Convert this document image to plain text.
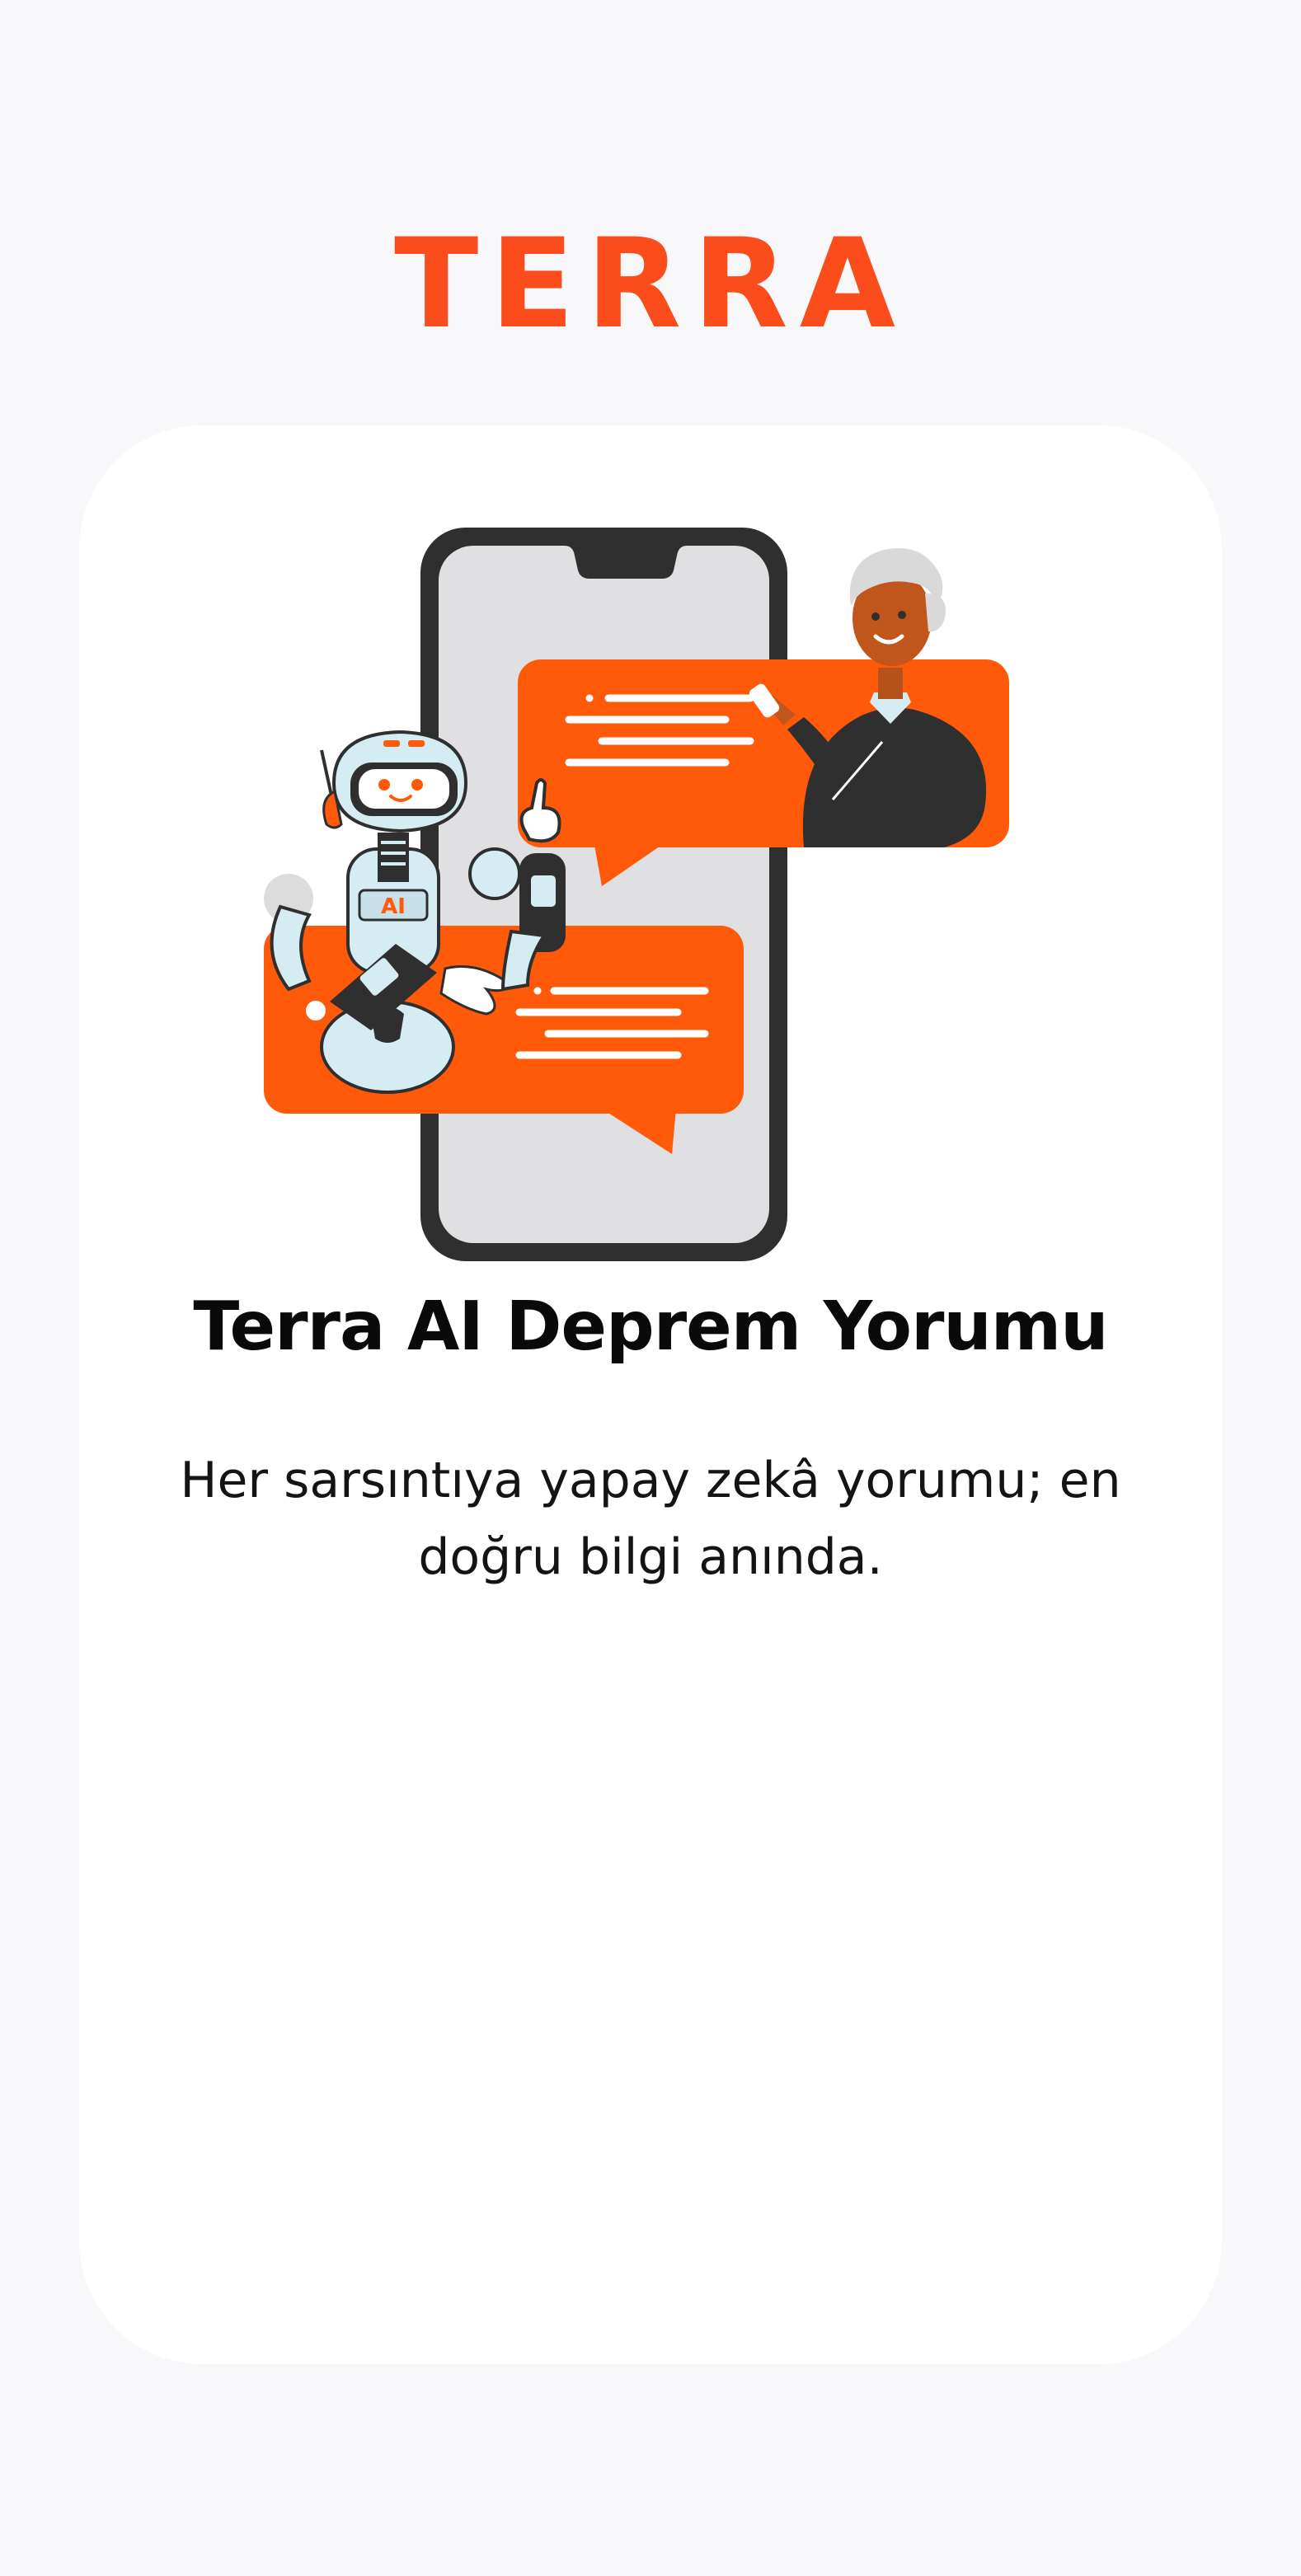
TERRA
AI
Terra AI Deprem Yorumu
Her sarsıntıya yapay zekâ yorumu; en doğru bilgi anında.
